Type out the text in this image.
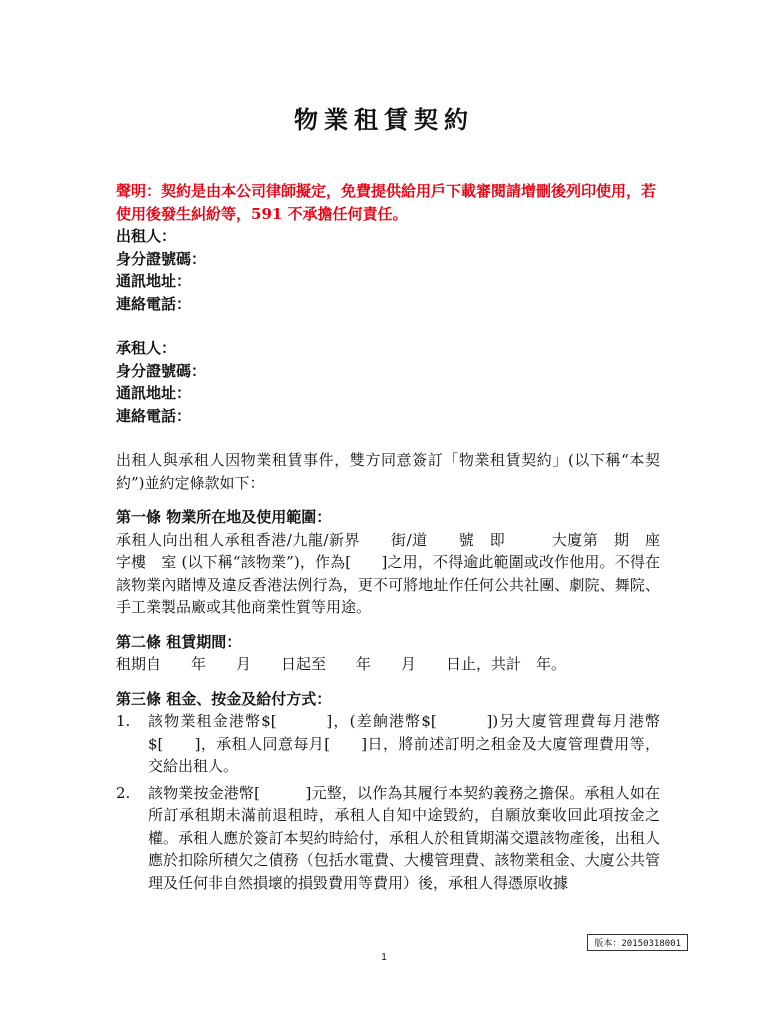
物業租賃契約
聲明：契約是由本公司律師擬定，免費提供給用戶下載審閱請增刪後列印使用，若使用後發生糾紛等，591 不承擔任何責任。
出租人：
身分證號碼：
通訊地址：
連絡電話：
承租人：
身分證號碼：
通訊地址：
連絡電話：
出租人與承租人因物業租賃事件，雙方同意簽訂「物業租賃契約」(以下稱“本契約”)並約定條款如下：
第一條 物業所在地及使用範圍：
承租人向出租人承租香港/九龍/新界　　街/道　　號　即　　　大廈第　期　座　　字樓　室 (以下稱“該物業”)，作為[　　]之用，不得逾此範圍或改作他用。不得在該物業內賭博及違反香港法例行為，更不可將地址作任何公共社團、劇院、舞院、手工業製品廠或其他商業性質等用途。
第二條 租賃期間：
租期自　　年　　月　　日起至　　年　　月　　日止，共計　年。
第三條 租金、按金及給付方式：
1.	該物業租金港幣$[　　　]，(差餉港幣$[　　　])另大廈管理費每月港幣 $[　　]，承租人同意每月[　　]日，將前述訂明之租金及大廈管理費用等，交給出租人。
2.	該物業按金港幣[　　　]元整，以作為其履行本契約義務之擔保。承租人如在所訂承租期未滿前退租時，承租人自知中途毀約，自願放棄收回此項按金之權。承租人應於簽訂本契約時給付，承租人於租賃期滿交還該物產後，出租人應於扣除所積欠之債務（包括水電費、大樓管理費、該物業租金、大廈公共管理及任何非自然損壞的損毀費用等費用）後，承租人得憑原收據
版本：20150318001
1
